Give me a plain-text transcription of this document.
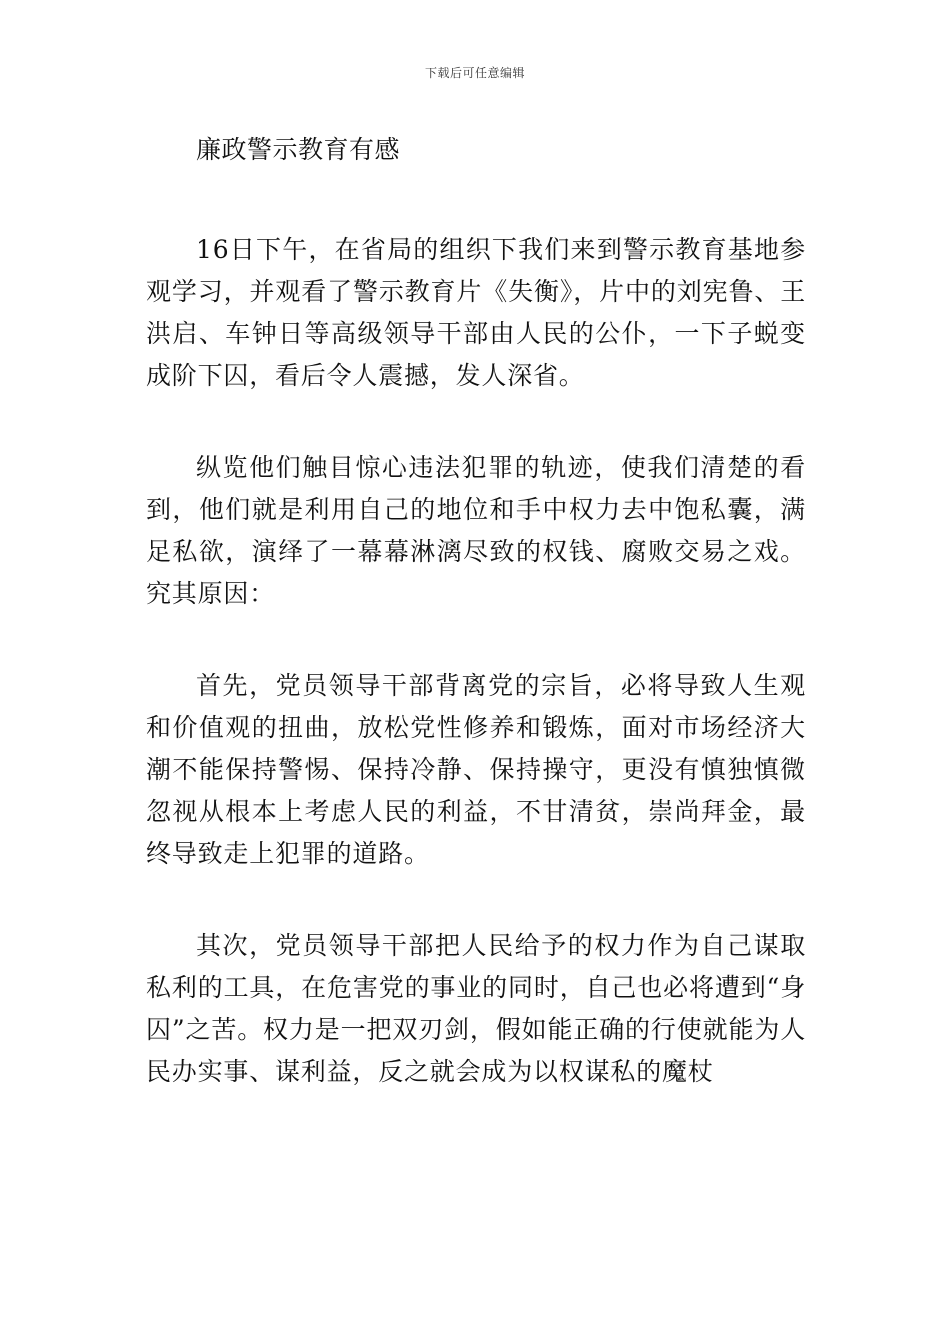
下载后可任意编辑
廉政警示教育有感

16日下午，在省局的组织下我们来到警示教育基地参观学习，并观看了警示教育片《失衡》，片中的刘宪鲁、王洪启、车钟日等高级领导干部由人民的公仆，一下子蜕变成阶下囚，看后令人震撼，发人深省。

纵览他们触目惊心违法犯罪的轨迹，使我们清楚的看到，他们就是利用自己的地位和手中权力去中饱私囊，满足私欲，演绎了一幕幕淋漓尽致的权钱、腐败交易之戏。究其原因：

首先，党员领导干部背离党的宗旨，必将导致人生观和价值观的扭曲，放松党性修养和锻炼，面对市场经济大潮不能保持警惕、保持冷静、保持操守，更没有慎独慎微忽视从根本上考虑人民的利益，不甘清贫，崇尚拜金，最终导致走上犯罪的道路。

其次，党员领导干部把人民给予的权力作为自己谋取私利的工具，在危害党的事业的同时，自己也必将遭到“身囚”之苦。权力是一把双刃剑，假如能正确的行使就能为人民办实事、谋利益，反之就会成为以权谋私的魔杖
